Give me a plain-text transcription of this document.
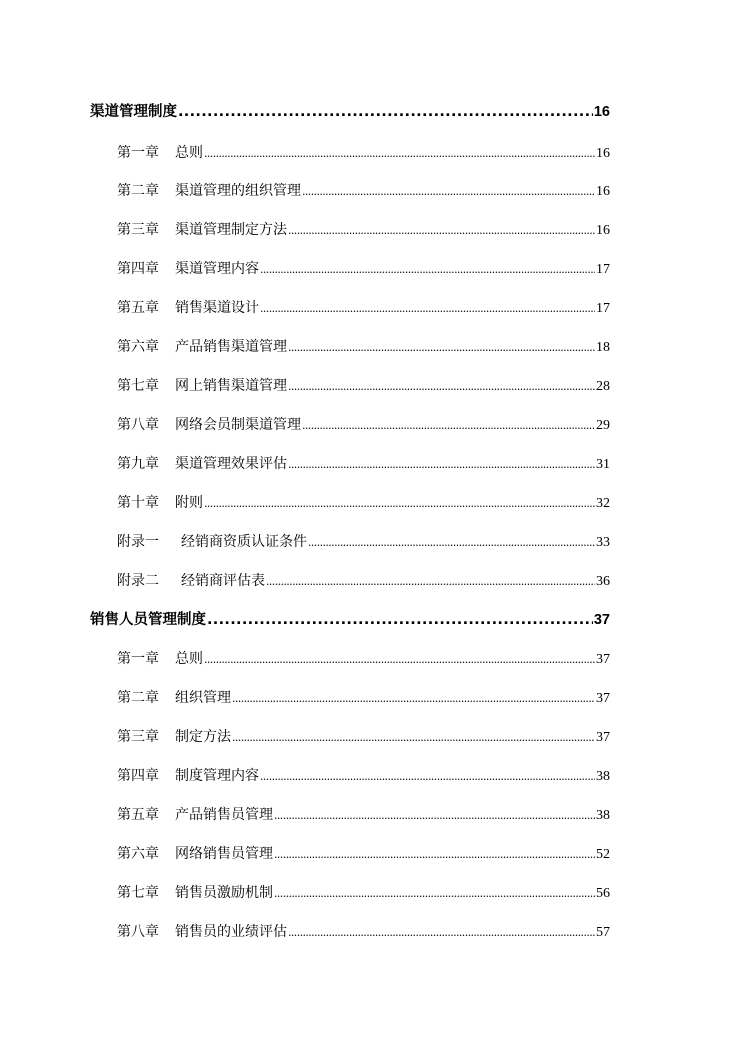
渠道管理制度 .....	16
第一章 总则 .....	16
第二章 渠道管理的组织管理 .....	16
第三章 渠道管理制定方法 .....	16
第四章 渠道管理内容 .....	17
第五章 销售渠道设计 .....	17
第六章 产品销售渠道管理 .....	18
第七章 网上销售渠道管理 .....	28
第八章 网络会员制渠道管理 .....	29
第九章 渠道管理效果评估 .....	31
第十章 附则 .....	32
附录一 经销商资质认证条件 .....	33
附录二 经销商评估表 .....	36
销售人员管理制度 .....	37
第一章 总则 .....	37
第二章 组织管理 .....	37
第三章 制定方法 .....	37
第四章 制度管理内容 .....	38
第五章 产品销售员管理 .....	38
第六章 网络销售员管理 .....	52
第七章 销售员激励机制 .....	56
第八章 销售员的业绩评估 .....	57
